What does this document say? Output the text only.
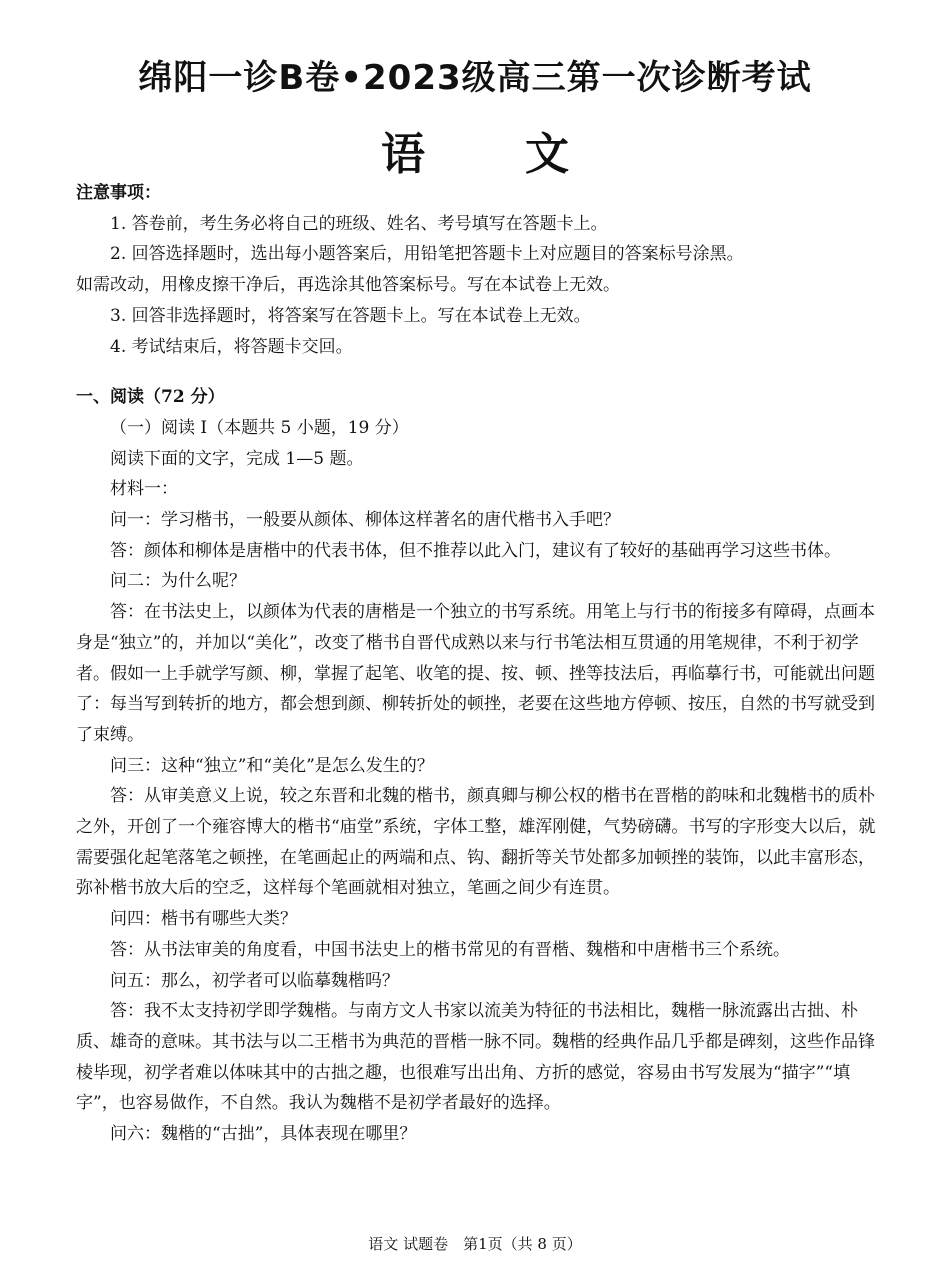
绵阳一诊B卷•2023级高三第一次诊断考试
语文

注意事项：

1. 答卷前，考生务必将自己的班级、姓名、考号填写在答题卡上。

2. 回答选择题时，选出每小题答案后，用铅笔把答题卡上对应题目的答案标号涂黑。

如需改动，用橡皮擦干净后，再选涂其他答案标号。写在本试卷上无效。

3. 回答非选择题时，将答案写在答题卡上。写在本试卷上无效。

4. 考试结束后，将答题卡交回。

一、阅读（72 分）

（一）阅读 I（本题共 5 小题，19 分）

阅读下面的文字，完成 1—5 题。

材料一：

问一：学习楷书，一般要从颜体、柳体这样著名的唐代楷书入手吧？

答：颜体和柳体是唐楷中的代表书体，但不推荐以此入门，建议有了较好的基础再学习这些书体。

问二：为什么呢？

答：在书法史上，以颜体为代表的唐楷是一个独立的书写系统。用笔上与行书的衔接多有障碍，点画本身是“独立”的，并加以“美化”，改变了楷书自晋代成熟以来与行书笔法相互贯通的用笔规律，不利于初学者。假如一上手就学写颜、柳，掌握了起笔、收笔的提、按、顿、挫等技法后，再临摹行书，可能就出问题了：每当写到转折的地方，都会想到颜、柳转折处的顿挫，老要在这些地方停顿、按压，自然的书写就受到了束缚。

问三：这种“独立”和“美化”是怎么发生的？

答：从审美意义上说，较之东晋和北魏的楷书，颜真卿与柳公权的楷书在晋楷的韵味和北魏楷书的质朴之外，开创了一个雍容博大的楷书“庙堂”系统，字体工整，雄浑刚健，气势磅礴。书写的字形变大以后，就需要强化起笔落笔之顿挫，在笔画起止的两端和点、钩、翻折等关节处都多加顿挫的装饰，以此丰富形态，弥补楷书放大后的空乏，这样每个笔画就相对独立，笔画之间少有连贯。

问四：楷书有哪些大类？

答：从书法审美的角度看，中国书法史上的楷书常见的有晋楷、魏楷和中唐楷书三个系统。

问五：那么，初学者可以临摹魏楷吗？

答：我不太支持初学即学魏楷。与南方文人书家以流美为特征的书法相比，魏楷一脉流露出古拙、朴质、雄奇的意味。其书法与以二王楷书为典范的晋楷一脉不同。魏楷的经典作品几乎都是碑刻，这些作品锋棱毕现，初学者难以体味其中的古拙之趣，也很难写出出角、方折的感觉，容易由书写发展为“描字”“填字”，也容易做作，不自然。我认为魏楷不是初学者最好的选择。

问六：魏楷的“古拙”，具体表现在哪里？

语文 试题卷　第1页（共 8 页）
